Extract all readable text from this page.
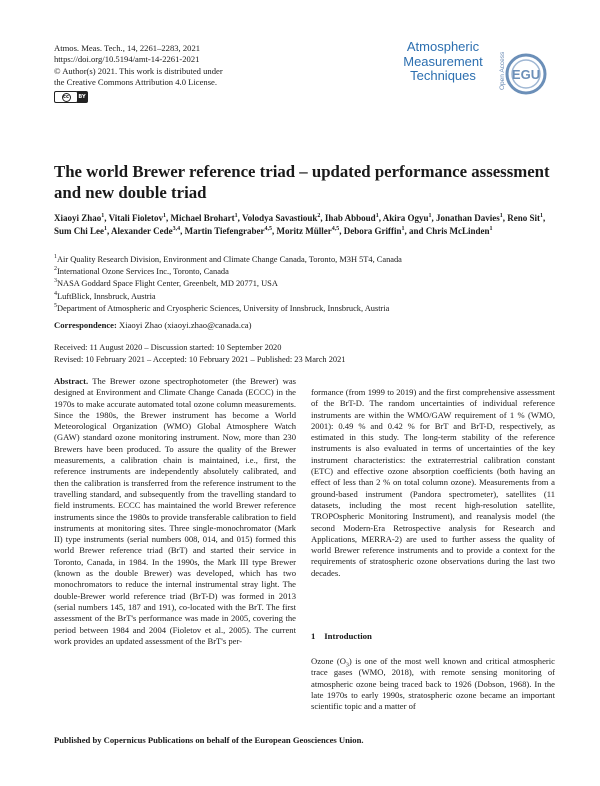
Atmos. Meas. Tech., 14, 2261–2283, 2021
https://doi.org/10.5194/amt-14-2261-2021
© Author(s) 2021. This work is distributed under
the Creative Commons Attribution 4.0 License.
cc	BY
Atmospheric
Measurement
Techniques	Open Access EGU
The world Brewer reference triad – updated performance assessment and new double triad
Xiaoyi Zhao$^1$, Vitali Fioletov$^1$, Michael Brohart$^1$, Volodya Savastiouk$^2$, Ihab Abboud$^1$, Akira Ogyu$^1$, Jonathan Davies$^1$, Reno Sit$^1$, Sum Chi Lee$^1$, Alexander Cede$^{3,4}$, Martin Tiefengraber$^{4,5}$, Moritz Müller$^{4,5}$, Debora Griffin$^1$, and Chris McLinden$^1$
$^1$Air Quality Research Division, Environment and Climate Change Canada, Toronto, M3H 5T4, Canada
$^2$International Ozone Services Inc., Toronto, Canada
$^3$NASA Goddard Space Flight Center, Greenbelt, MD 20771, USA
$^4$LuftBlick, Innsbruck, Austria
$^5$Department of Atmospheric and Cryospheric Sciences, University of Innsbruck, Innsbruck, Austria
Correspondence: Xiaoyi Zhao (xiaoyi.zhao@canada.ca)
Received: 11 August 2020 – Discussion started: 10 September 2020
Revised: 10 February 2021 – Accepted: 10 February 2021 – Published: 23 March 2021
Abstract. The Brewer ozone spectrophotometer (the Brewer) was designed at Environment and Climate Change Canada (ECCC) in the 1970s to make accurate automated total ozone column measurements. Since the 1980s, the Brewer instrument has become a World Meteorological Organization (WMO) Global Atmosphere Watch (GAW) standard ozone monitoring instrument. Now, more than 230 Brewers have been produced. To assure the quality of the Brewer measurements, a calibration chain is maintained, i.e., first, the reference instruments are independently absolutely calibrated, and then the calibration is transferred from the reference instrument to the travelling standard, and subsequently from the travelling standard to field instruments. ECCC has maintained the world Brewer reference instruments since the 1980s to provide transferable calibration to field instruments at monitoring sites. Three single-monochromator (Mark II) type instruments (serial numbers 008, 014, and 015) formed this world Brewer reference triad (BrT) and started their service in Toronto, Canada, in 1984. In the 1990s, the Mark III type Brewer (known as the double Brewer) was developed, which has two monochromators to reduce the internal instrumental stray light. The double-Brewer world reference triad (BrT-D) was formed in 2013 (serial numbers 145, 187 and 191), co-located with the BrT. The first assessment of the BrT's performance was made in 2005, covering the period between 1984 and 2004 (Fioletov et al., 2005). The current work provides an updated assessment of the BrT's per-
formance (from 1999 to 2019) and the first comprehensive assessment of the BrT-D. The random uncertainties of individual reference instruments are within the WMO/GAW requirement of 1 % (WMO, 2001): 0.49 % and 0.42 % for BrT and BrT-D, respectively, as estimated in this study. The long-term stability of the reference instruments is also evaluated in terms of uncertainties of the key instrument characteristics: the extraterrestrial calibration constant (ETC) and effective ozone absorption coefficients (both having an effect of less than 2 % on total column ozone). Measurements from a ground-based instrument (Pandora spectrometer), satellites (11 datasets, including the most recent high-resolution satellite, TROPOspheric Monitoring Instrument), and reanalysis model (the second Modern-Era Retrospective analysis for Research and Applications, MERRA-2) are used to further assess the quality of world Brewer reference instruments and to provide a context for the requirements of stratospheric ozone observations during the last two decades.
1 Introduction
Ozone $(O_3)$ is one of the most well known and critical atmospheric trace gases (WMO, 2018), with remote sensing monitoring of atmospheric ozone being traced back to 1926 (Dobson, 1968). In the late 1970s to early 1990s, stratospheric ozone became an important scientific topic and a matter of
Published by Copernicus Publications on behalf of the European Geosciences Union.
